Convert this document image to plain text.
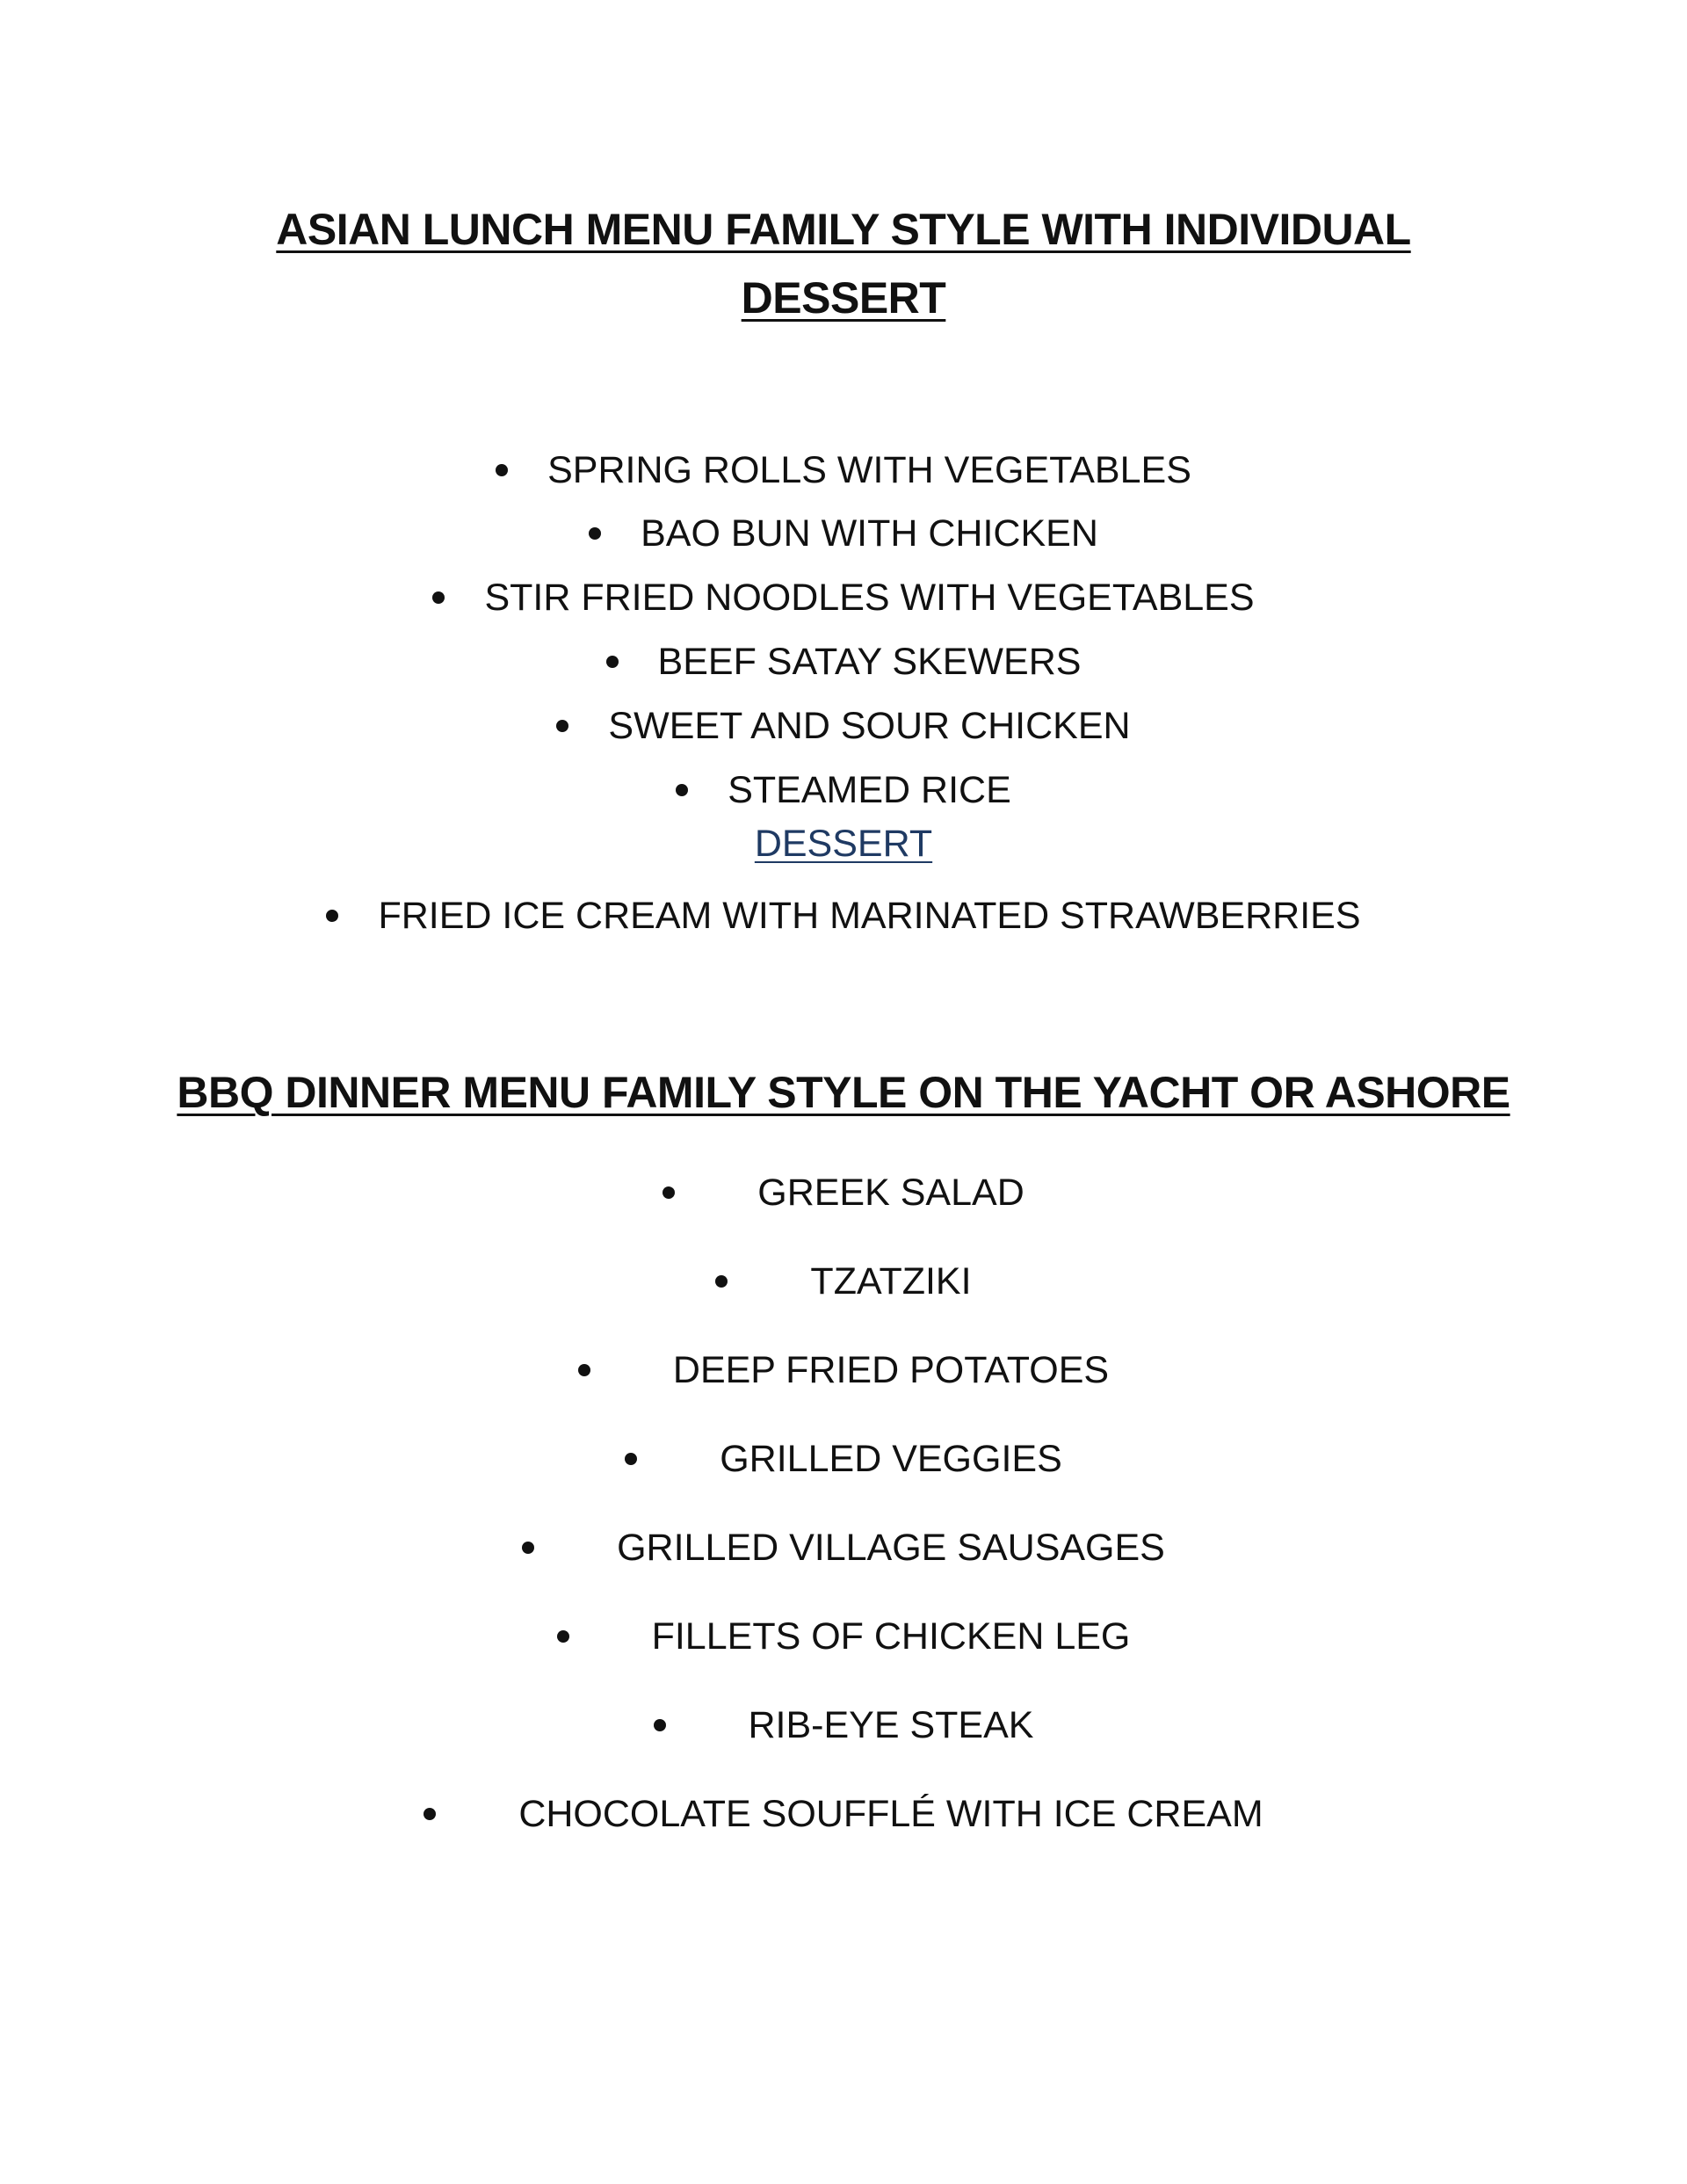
ASIAN LUNCH MENU FAMILY STYLE WITH INDIVIDUAL
DESSERT
SPRING ROLLS WITH VEGETABLES
BAO BUN WITH CHICKEN
STIR FRIED NOODLES WITH VEGETABLES
BEEF SATAY SKEWERS
SWEET AND SOUR CHICKEN
STEAMED RICE
DESSERT
FRIED ICE CREAM WITH MARINATED STRAWBERRIES
BBQ DINNER MENU FAMILY STYLE ON THE YACHT OR ASHORE
GREEK SALAD
TZATZIKI
DEEP FRIED POTATOES
GRILLED VEGGIES
GRILLED VILLAGE SAUSAGES
FILLETS OF CHICKEN LEG
RIB-EYE STEAK
CHOCOLATE SOUFFLÉ WITH ICE CREAM
